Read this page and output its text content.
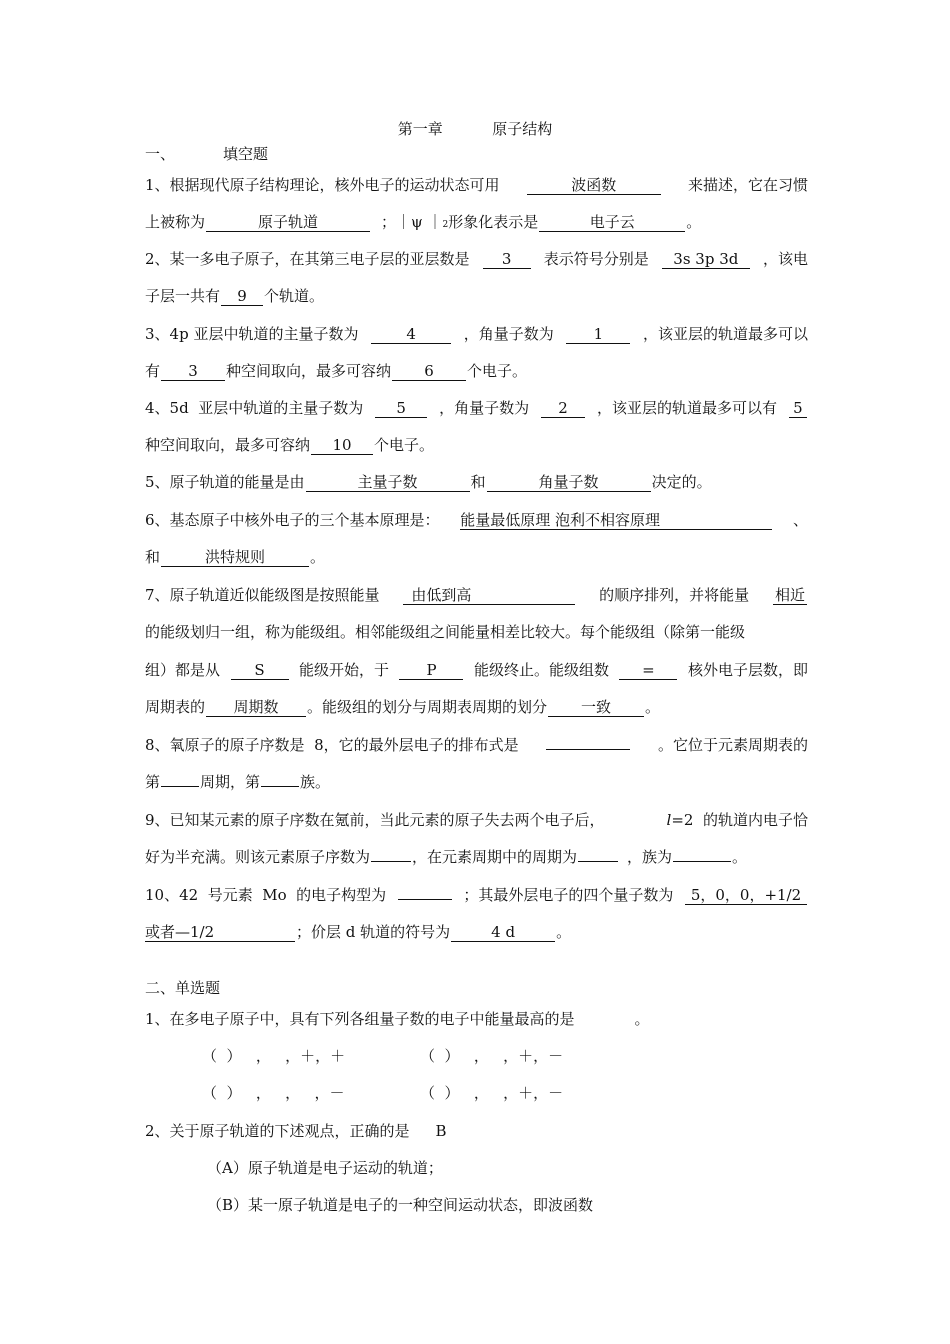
第一章	原子结构
一、	填空题
1、根据现代原子结构理论，核外电子的运动状态可用	波函数	来描述，它在习惯
上被称为	原子轨道	；｜ψ ｜ 2 形象化表示是	电子云	。
2、某一多电子原子，在其第三电子层的亚层数是	3	表示符号分别是	3s 3p 3d	，该电
子层一共有	9	个轨道。
3、4p 亚层中轨道的主量子数为	4	，角量子数为	1	，该亚层的轨道最多可以
有	3	种空间取向，最多可容纳	6	个电子。
4、5d  亚层中轨道的主量子数为	5	，角量子数为	2	，该亚层的轨道最多可以有 5
种空间取向，最多可容纳	10	个电子。
5、原子轨道的能量是由	主量子数	和	角量子数	决定的。
6、基态原子中核外电子的三个基本原理是： 能量最低原理 泡利不相容原理	、
和	洪特规则	。
7、原子轨道近似能级图是按照能量	由低到高	的顺序排列，并将能量 相近
的能级划归一组，称为能级组。相邻能级组之间能量相差比较大。每个能级组（除第一能级
组）都是从	S	能级开始，于	P	能级终止。能级组数	=	核外电子层数，即
周期表的	周期数	。能级组的划分与周期表周期的划分	一致	。
8、氧原子的原子序数是  8，它的最外层电子的排布式是	。它位于元素周期表的
第	周期，第	族。
9、已知某元素的原子序数在氪前，当此元素的原子失去两个电子后，	l=2  的轨道内电子恰
好为半充满。则该元素原子序数为	，在元素周期中的周期为	，族为	。
10、42  号元素  Mo  的电子构型为	；其最外层电子的四个量子数为	5，0，0，+1/2
或者—1/2	；价层 d 轨道的符号为	4 d	。
二、单选题
1、在多电子原子中，具有下列各组量子数的电子中能量最高的是	。
（  ）   ，   ，＋，＋	（  ）   ，   ，＋，－
（  ）   ，   ，   ，－	（  ）   ，   ，＋，－
2、关于原子轨道的下述观点，正确的是 B
（A）原子轨道是电子运动的轨道；
（B）某一原子轨道是电子的一种空间运动状态，即波函数
